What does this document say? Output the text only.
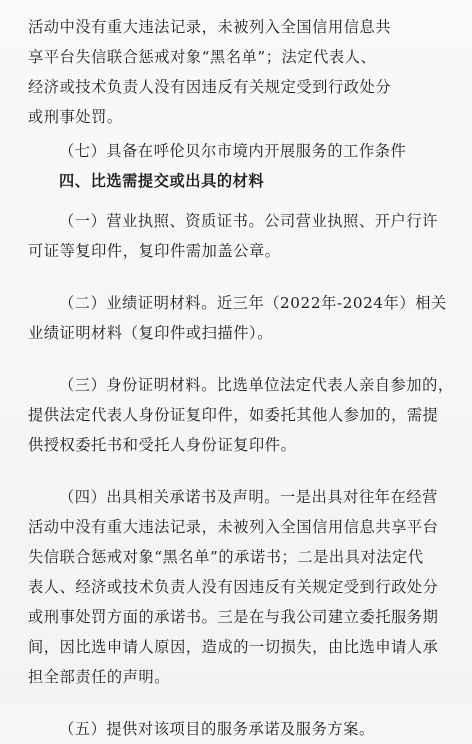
活动中没有重大违法记录，未被列入全国信用信息共
享平台失信联合惩戒对象“黑名单”；法定代表人、
经济或技术负责人没有因违反有关规定受到行政处分
或刑事处罚。
（七）具备在呼伦贝尔市境内开展服务的工作条件
四、比选需提交或出具的材料
（一）营业执照、资质证书。公司营业执照、开户行许
可证等复印件，复印件需加盖公章。
（二）业绩证明材料。近三年（2022年-2024年）相关
业绩证明材料（复印件或扫描件）。
（三）身份证明材料。比选单位法定代表人亲自参加的，
提供法定代表人身份证复印件，如委托其他人参加的，需提
供授权委托书和受托人身份证复印件。
（四）出具相关承诺书及声明。一是出具对往年在经营
活动中没有重大违法记录，未被列入全国信用信息共享平台
失信联合惩戒对象“黑名单”的承诺书；二是出具对法定代
表人、经济或技术负责人没有因违反有关规定受到行政处分
或刑事处罚方面的承诺书。三是在与我公司建立委托服务期
间，因比选申请人原因，造成的一切损失，由比选申请人承
担全部责任的声明。
（五）提供对该项目的服务承诺及服务方案。
